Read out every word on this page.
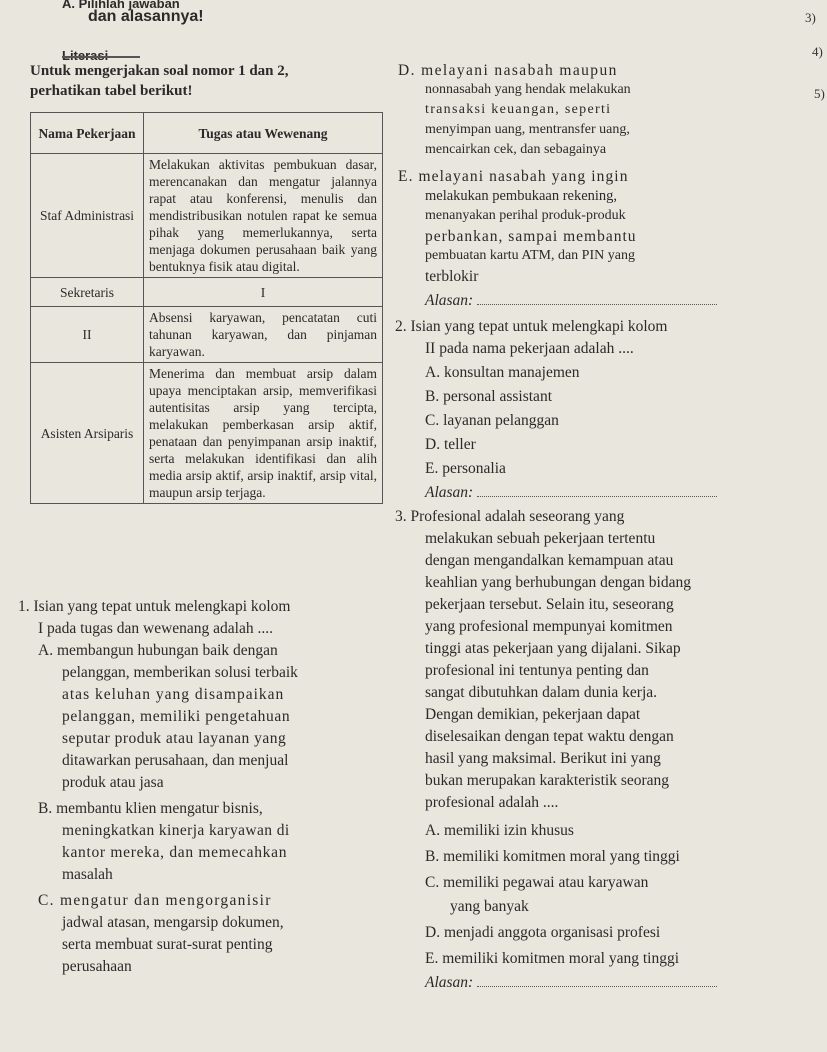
A. Pilihlah jawaban
dan alasannya!	3)
4)
5)
Untuk mengerjakan soal nomor 1 dan 2,
perhatikan tabel berikut!
Nama Pekerjaan	Tugas atau Wewenang
Staf Administrasi	Melakukan aktivitas pembukuan dasar, merencanakan dan mengatur jalannya rapat atau konferensi, menulis dan mendistribusikan notulen rapat ke semua pihak yang memerlukannya, serta menjaga dokumen perusahaan baik yang bentuknya fisik atau digital.
Sekretaris	I
II	Absensi karyawan, pencatatan cuti tahunan karyawan, dan pinjaman karyawan.
Asisten Arsiparis	Menerima dan membuat arsip dalam upaya menciptakan arsip, memverifikasi autentisitas arsip yang tercipta, melakukan pemberkasan arsip aktif, penataan dan penyimpanan arsip inaktif, serta melakukan identifikasi dan alih media arsip aktif, arsip inaktif, arsip vital, maupun arsip terjaga.
1. Isian yang tepat untuk melengkapi kolom
I pada tugas dan wewenang adalah ....
A. membangun hubungan baik dengan
pelanggan, memberikan solusi terbaik
atas keluhan yang disampaikan
pelanggan, memiliki pengetahuan
seputar produk atau layanan yang
ditawarkan perusahaan, dan menjual
produk atau jasa
B. membantu klien mengatur bisnis,
meningkatkan kinerja karyawan di
kantor mereka, dan memecahkan
masalah
C. mengatur dan mengorganisir
jadwal atasan, mengarsip dokumen,
serta membuat surat-surat penting
perusahaan
D. melayani nasabah maupun
nonnasabah yang hendak melakukan
transaksi keuangan, seperti
menyimpan uang, mentransfer uang,
mencairkan cek, dan sebagainya
E. melayani nasabah yang ingin
melakukan pembukaan rekening,
menanyakan perihal produk-produk
perbankan, sampai membantu
pembuatan kartu ATM, dan PIN yang
terblokir
Alasan:
2. Isian yang tepat untuk melengkapi kolom
II pada nama pekerjaan adalah ....
A. konsultan manajemen
B. personal assistant
C. layanan pelanggan
D. teller
E. personalia
Alasan:
3. Profesional adalah seseorang yang
melakukan sebuah pekerjaan tertentu
dengan mengandalkan kemampuan atau
keahlian yang berhubungan dengan bidang
pekerjaan tersebut. Selain itu, seseorang
yang profesional mempunyai komitmen
tinggi atas pekerjaan yang dijalani. Sikap
profesional ini tentunya penting dan
sangat dibutuhkan dalam dunia kerja.
Dengan demikian, pekerjaan dapat
diselesaikan dengan tepat waktu dengan
hasil yang maksimal. Berikut ini yang
bukan merupakan karakteristik seorang
profesional adalah ....
A. memiliki izin khusus
B. memiliki komitmen moral yang tinggi
C. memiliki pegawai atau karyawan
yang banyak
D. menjadi anggota organisasi profesi
E. memiliki komitmen moral yang tinggi
Alasan:
